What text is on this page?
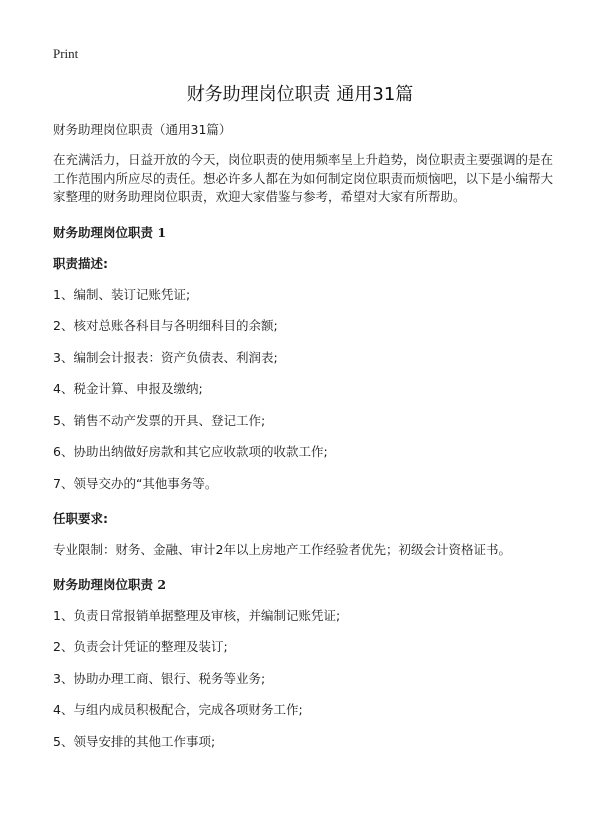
Print
财务助理岗位职责 通用31篇

财务助理岗位职责（通用31篇）

在充满活力，日益开放的今天，岗位职责的使用频率呈上升趋势，岗位职责主要强调的是在工作范围内所应尽的责任。想必许多人都在为如何制定岗位职责而烦恼吧，以下是小编帮大家整理的财务助理岗位职责，欢迎大家借鉴与参考，希望对大家有所帮助。

财务助理岗位职责 1

职责描述:

1、编制、装订记账凭证;

2、核对总账各科目与各明细科目的余额;

3、编制会计报表：资产负债表、利润表;

4、税金计算、申报及缴纳;

5、销售不动产发票的开具、登记工作;

6、协助出纳做好房款和其它应收款项的收款工作;

7、领导交办的“其他事务等。

任职要求:

专业限制：财务、金融、审计2年以上房地产工作经验者优先；初级会计资格证书。

财务助理岗位职责 2

1、负责日常报销单据整理及审核，并编制记账凭证;

2、负责会计凭证的整理及装订;

3、协助办理工商、银行、税务等业务;

4、与组内成员积极配合，完成各项财务工作;

5、领导安排的其他工作事项;
